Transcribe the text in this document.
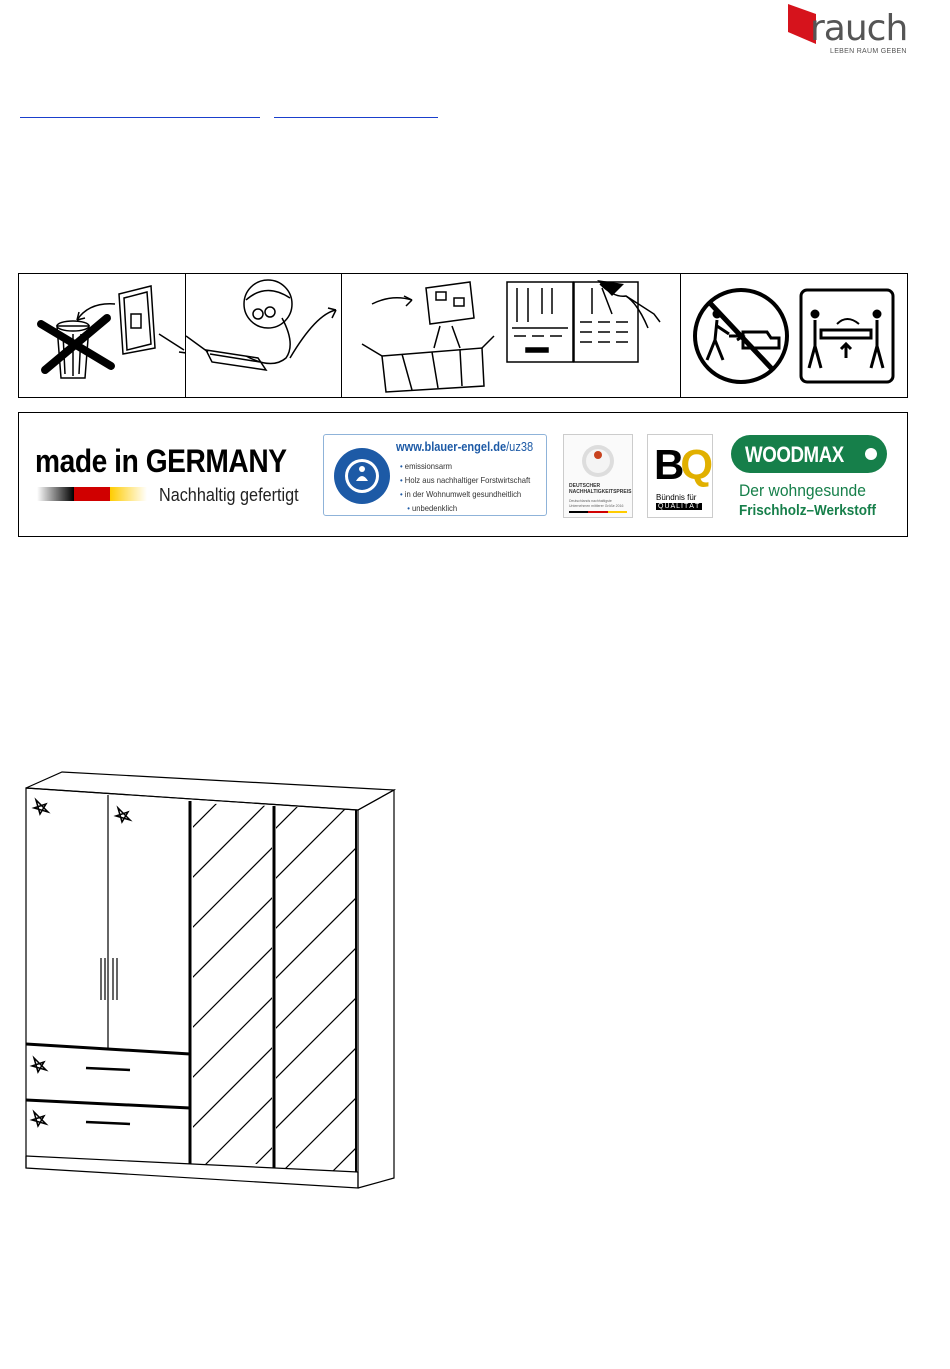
rauch
LEBEN RAUM GEBEN
made in GERMANY
Nachhaltig gefertigt
www.blauer-engel.de/uz38
• emissionsarm
• Holz aus nachhaltiger Forstwirtschaft
• in der Wohnumwelt gesundheitlich
• unbedenklich
DEUTSCHER
NACHHALTIGKEITSPREIS
Deutschlands nachhaltigste Unternehmen mittlerer Größe 2016
BQ
Bündnis für
QUALITÄT
WOODMAX
Der wohngesunde
Frischholz–Werkstoff
